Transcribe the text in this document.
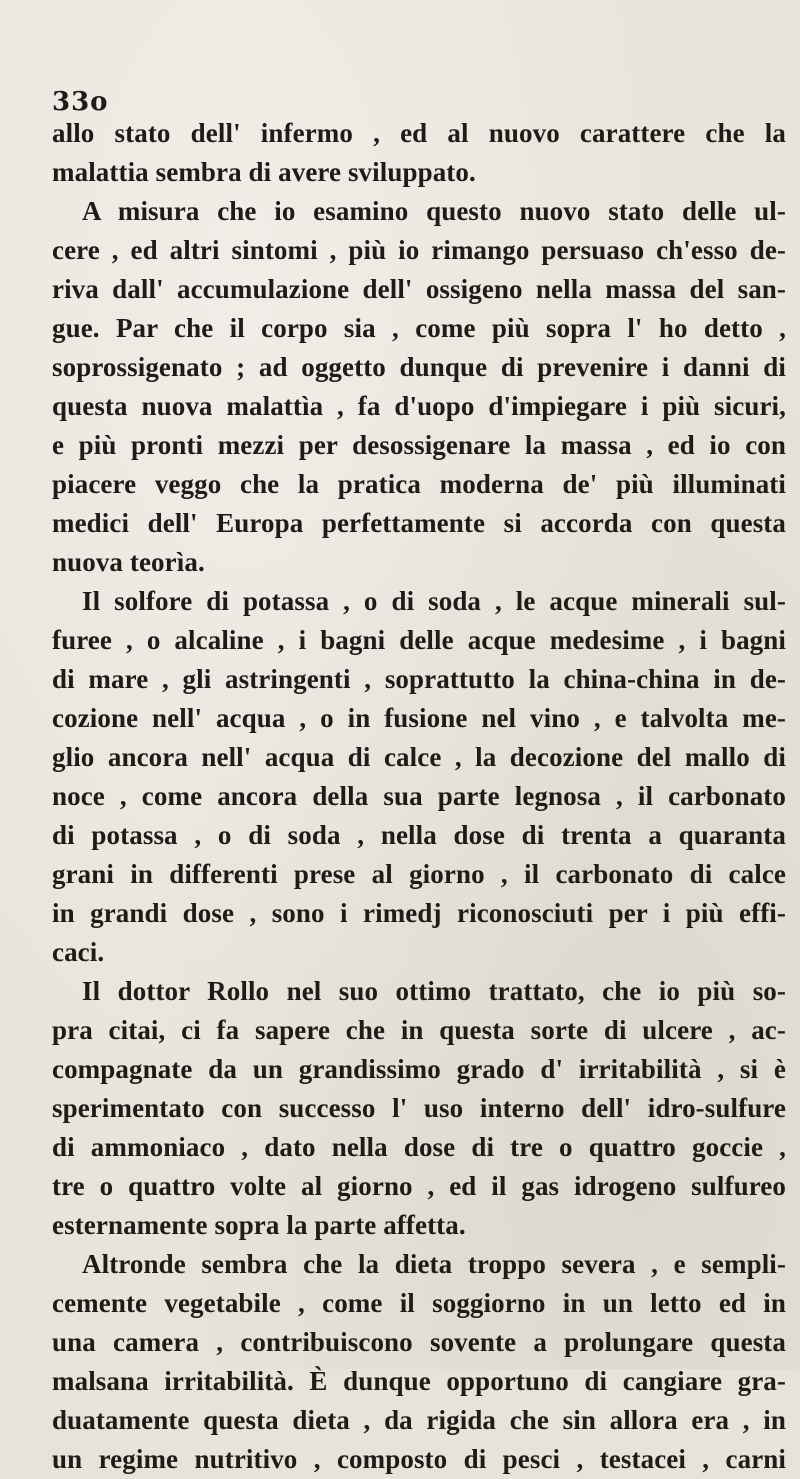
33o
allo stato dell' infermo , ed al nuovo carattere che la
malattia sembra di avere sviluppato.
A misura che io esamino questo nuovo stato delle ul-
cere , ed altri sintomi , più io rimango persuaso ch'esso de-
riva dall' accumulazione dell' ossigeno nella massa del san-
gue. Par che il corpo sia , come più sopra l' ho detto ,
soprossigenato ; ad oggetto dunque di prevenire i danni di
questa nuova malattìa , fa d'uopo d'impiegare i più sicuri,
e più pronti mezzi per desossigenare la massa , ed io con
piacere veggo che la pratica moderna de' più illuminati
medici dell' Europa perfettamente si accorda con questa
nuova teorìa.
Il solfore di potassa , o di soda , le acque minerali sul-
furee , o alcaline , i bagni delle acque medesime , i bagni
di mare , gli astringenti , soprattutto la china-china in de-
cozione nell' acqua , o in fusione nel vino , e talvolta me-
glio ancora nell' acqua di calce , la decozione del mallo di
noce , come ancora della sua parte legnosa , il carbonato
di potassa , o di soda , nella dose di trenta a quaranta
grani in differenti prese al giorno , il carbonato di calce
in grandi dose , sono i rimedj riconosciuti per i più effi-
caci.
Il dottor Rollo nel suo ottimo trattato, che io più so-
pra citai, ci fa sapere che in questa sorte di ulcere , ac-
compagnate da un grandissimo grado d' irritabilità , si è
sperimentato con successo l' uso interno dell' idro-sulfure
di ammoniaco , dato nella dose di tre o quattro goccie ,
tre o quattro volte al giorno , ed il gas idrogeno sulfureo
esternamente sopra la parte affetta.
Altronde sembra che la dieta troppo severa , e sempli-
cemente vegetabile , come il soggiorno in un letto ed in
una camera , contribuiscono sovente a prolungare questa
malsana irritabilità. È dunque opportuno di cangiare gra-
duatamente questa dieta , da rigida che sin allora era , in
un regime nutritivo , composto di pesci , testacei , carni
